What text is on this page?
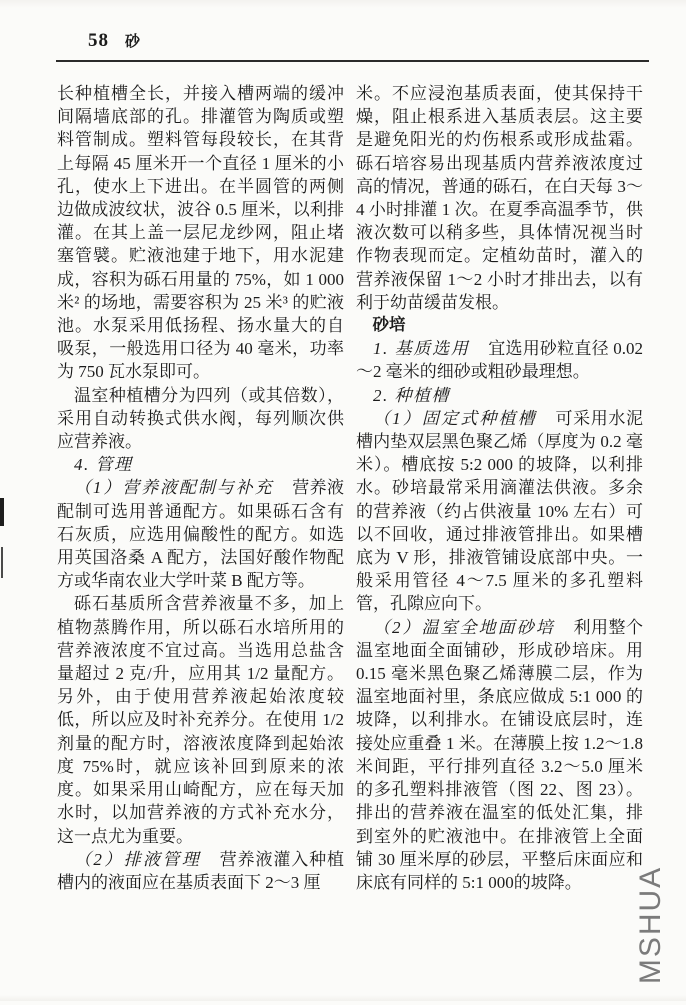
58 砂

长种植槽全长，并接入槽两端的缓冲间隔墙底部的孔。排灌管为陶质或塑料管制成。塑料管每段较长，在其背上每隔 45 厘米开一个直径 1 厘米的小孔，使水上下进出。在半圆管的两侧边做成波纹状，波谷 0.5 厘米，以利排灌。在其上盖一层尼龙纱网，阻止堵塞管襞。贮液池建于地下，用水泥建成，容积为砾石用量的 75%，如 1 000 米² 的场地，需要容积为 25 米³ 的贮液池。水泵采用低扬程、扬水量大的自吸泵，一般选用口径为 40 毫米，功率为 750 瓦水泵即可。

温室种植槽分为四列（或其倍数），采用自动转换式供水阀，每列顺次供应营养液。

4. 管理

（1）营养液配制与补充 营养液配制可选用普通配方。如果砾石含有石灰质，应选用偏酸性的配方。如选用英国洛桑 A 配方，法国好酸作物配方或华南农业大学叶菜 B 配方等。

砾石基质所含营养液量不多，加上植物蒸腾作用，所以砾石水培所用的营养液浓度不宜过高。当选用总盐含量超过 2 克/升，应用其 1/2 量配方。另外，由于使用营养液起始浓度较低，所以应及时补充养分。在使用 1/2剂量的配方时，溶液浓度降到起始浓度 75%时，就应该补回到原来的浓度。如果采用山崎配方，应在每天加水时，以加营养液的方式补充水分，这一点尤为重要。

（2）排液管理 营养液灌入种植槽内的液面应在基质表面下 2～3 厘

米。不应浸泡基质表面，使其保持干燥，阻止根系进入基质表层。这主要是避免阳光的灼伤根系或形成盐霜。砾石培容易出现基质内营养液浓度过高的情况，普通的砾石，在白天每 3～4 小时排灌 1 次。在夏季高温季节，供液次数可以稍多些，具体情况视当时作物表现而定。定植幼苗时，灌入的营养液保留 1～2 小时才排出去，以有利于幼苗缓苗发根。

砂培

1. 基质选用 宜选用砂粒直径 0.02～2 毫米的细砂或粗砂最理想。

2. 种植槽

（1）固定式种植槽 可采用水泥槽内垫双层黑色聚乙烯（厚度为 0.2 毫米）。槽底按 5:2 000 的坡降，以利排水。砂培最常采用滴灌法供液。多余的营养液（约占供液量 10% 左右）可以不回收，通过排液管排出。如果槽底为 V 形，排液管铺设底部中央。一般采用管径 4～7.5 厘米的多孔塑料管，孔隙应向下。

（2）温室全地面砂培 利用整个温室地面全面铺砂，形成砂培床。用 0.15 毫米黑色聚乙烯薄膜二层，作为温室地面衬里，条底应做成 5:1 000 的坡降，以利排水。在铺设底层时，连接处应重叠 1 米。在薄膜上按 1.2～1.8 米间距，平行排列直径 3.2～5.0 厘米的多孔塑料排液管（图 22、图 23）。排出的营养液在温室的低处汇集，排到室外的贮液池中。在排液管上全面铺 30 厘米厚的砂层，平整后床面应和床底有同样的 5:1 000的坡降。	MSHUA
